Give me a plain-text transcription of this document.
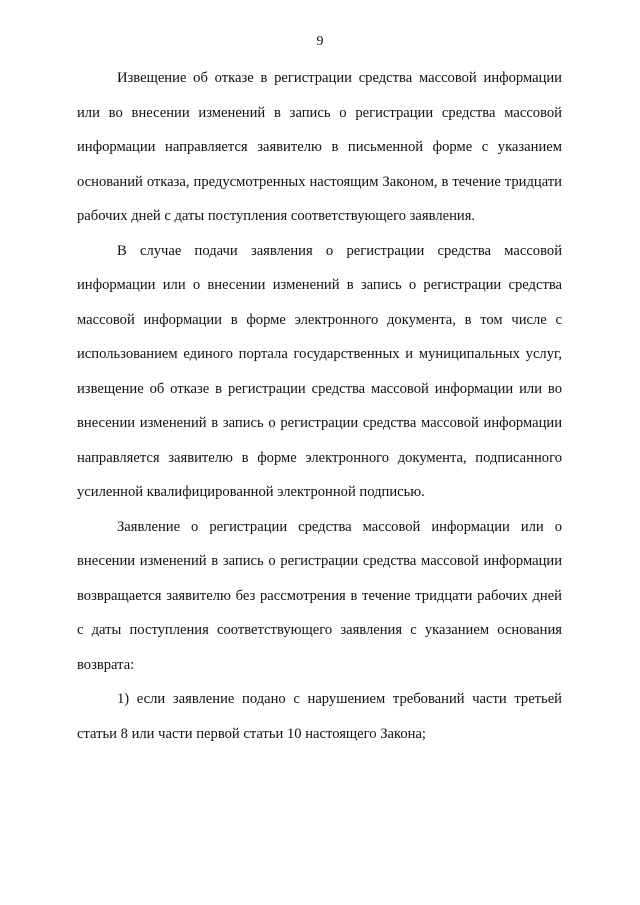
9

Извещение об отказе в регистрации средства массовой информации или во внесении изменений в запись о регистрации средства массовой информации направляется заявителю в письменной форме с указанием оснований отказа, предусмотренных настоящим Законом, в течение тридцати рабочих дней с даты поступления соответствующего заявления.

В случае подачи заявления о регистрации средства массовой информации или о внесении изменений в запись о регистрации средства массовой информации в форме электронного документа, в том числе с использованием единого портала государственных и муниципальных услуг, извещение об отказе в регистрации средства массовой информации или во внесении изменений в запись о регистрации средства массовой информации направляется заявителю в форме электронного документа, подписанного усиленной квалифицированной электронной подписью.

Заявление о регистрации средства массовой информации или о внесении изменений в запись о регистрации средства массовой информации возвращается заявителю без рассмотрения в течение тридцати рабочих дней с даты поступления соответствующего заявления с указанием основания возврата:

1) если заявление подано с нарушением требований части третьей статьи 8 или части первой статьи 10 настоящего Закона;
